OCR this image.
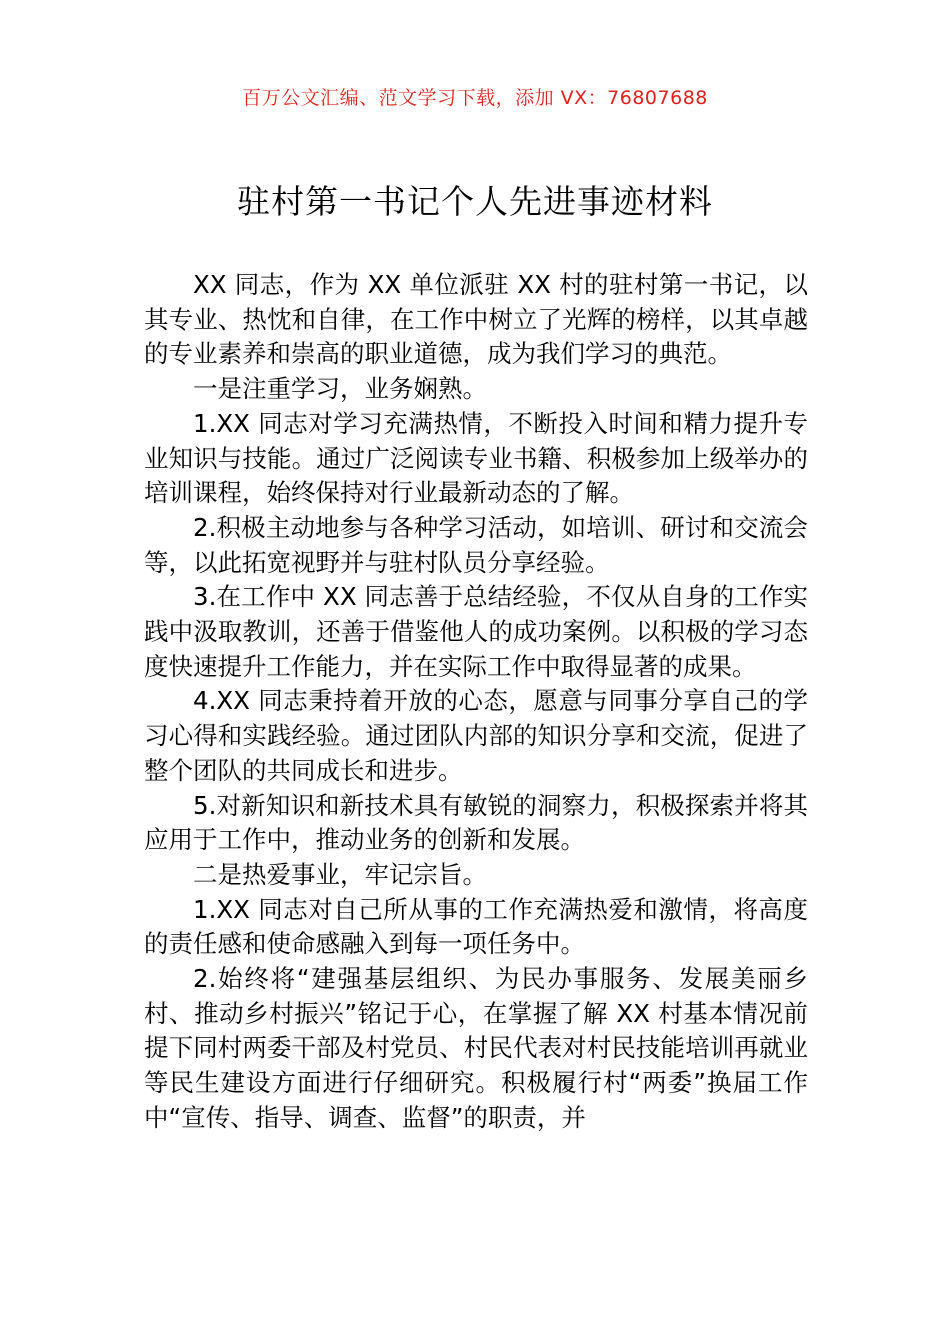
百万公文汇编、范文学习下载，添加 VX：76807688
驻村第一书记个人先进事迹材料

XX 同志，作为 XX 单位派驻 XX 村的驻村第一书记，以其专业、热忱和自律，在工作中树立了光辉的榜样，以其卓越的专业素养和崇高的职业道德，成为我们学习的典范。

一是注重学习，业务娴熟。

1.XX 同志对学习充满热情，不断投入时间和精力提升专业知识与技能。通过广泛阅读专业书籍、积极参加上级举办的培训课程，始终保持对行业最新动态的了解。

2.积极主动地参与各种学习活动，如培训、研讨和交流会等，以此拓宽视野并与驻村队员分享经验。

3.在工作中 XX 同志善于总结经验，不仅从自身的工作实践中汲取教训，还善于借鉴他人的成功案例。以积极的学习态度快速提升工作能力，并在实际工作中取得显著的成果。

4.XX 同志秉持着开放的心态，愿意与同事分享自己的学习心得和实践经验。通过团队内部的知识分享和交流，促进了整个团队的共同成长和进步。

5.对新知识和新技术具有敏锐的洞察力，积极探索并将其应用于工作中，推动业务的创新和发展。

二是热爱事业，牢记宗旨。

1.XX 同志对自己所从事的工作充满热爱和激情，将高度的责任感和使命感融入到每一项任务中。

2.始终将“建强基层组织、为民办事服务、发展美丽乡村、推动乡村振兴”铭记于心，在掌握了解 XX 村基本情况前提下同村两委干部及村党员、村民代表对村民技能培训再就业等民生建设方面进行仔细研究。积极履行村“两委”换届工作中“宣传、指导、调查、监督”的职责，并
